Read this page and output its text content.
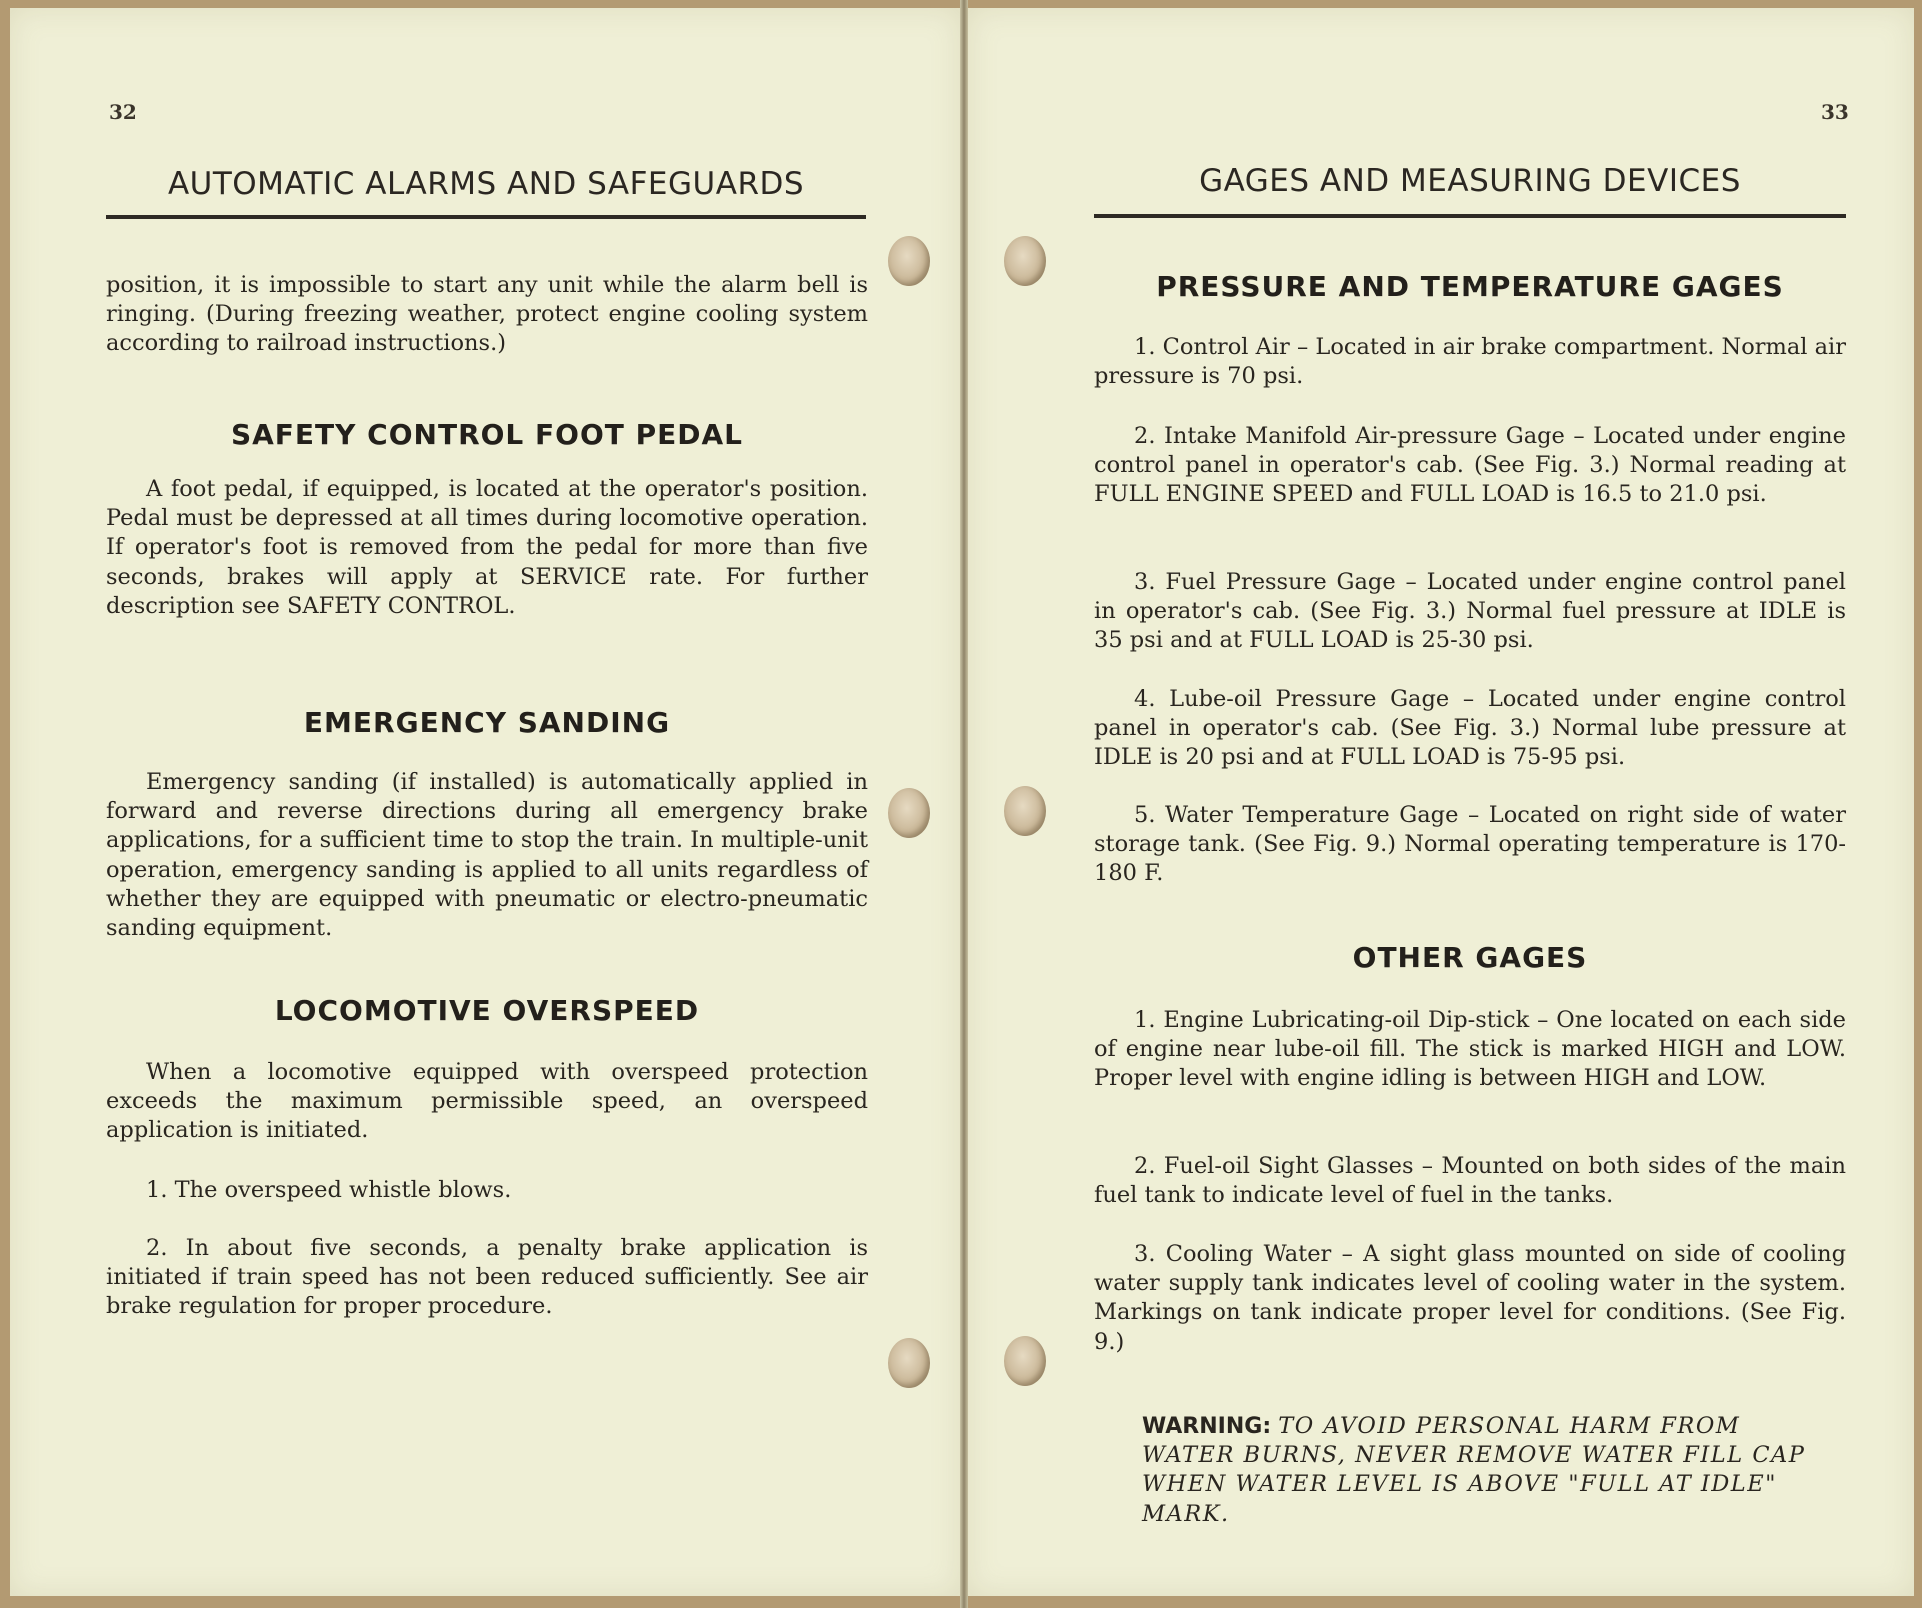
32
AUTOMATIC ALARMS AND SAFEGUARDS

position, it is impossible to start any unit while the alarm bell is ringing. (During freezing weather, protect engine cooling system according to railroad instructions.)

SAFETY CONTROL FOOT PEDAL

A foot pedal, if equipped, is located at the operator's position. Pedal must be depressed at all times during locomotive operation. If operator's foot is removed from the pedal for more than five seconds, brakes will apply at SERVICE rate. For further description see SAFETY CONTROL.

EMERGENCY SANDING

Emergency sanding (if installed) is automatically applied in forward and reverse directions during all emergency brake applications, for a sufficient time to stop the train. In multiple-unit operation, emergency sanding is applied to all units regardless of whether they are equipped with pneumatic or electro-pneumatic sanding equipment.

LOCOMOTIVE OVERSPEED

When a locomotive equipped with overspeed protection exceeds the maximum permissible speed, an overspeed application is initiated.

1. The overspeed whistle blows.

2. In about five seconds, a penalty brake application is initiated if train speed has not been reduced sufficiently. See air brake regulation for proper procedure.

33
GAGES AND MEASURING DEVICES
PRESSURE AND TEMPERATURE GAGES

1. Control Air – Located in air brake compartment. Normal air pressure is 70 psi.

2. Intake Manifold Air-pressure Gage – Located under engine control panel in operator's cab. (See Fig. 3.) Normal reading at FULL ENGINE SPEED and FULL LOAD is 16.5 to 21.0 psi.

3. Fuel Pressure Gage – Located under engine control panel in operator's cab. (See Fig. 3.) Normal fuel pressure at IDLE is 35 psi and at FULL LOAD is 25-30 psi.

4. Lube-oil Pressure Gage – Located under engine control panel in operator's cab. (See Fig. 3.) Normal lube pressure at IDLE is 20 psi and at FULL LOAD is 75-95 psi.

5. Water Temperature Gage – Located on right side of water storage tank. (See Fig. 9.) Normal operating temperature is 170-180 F.

OTHER GAGES

1. Engine Lubricating-oil Dip-stick – One located on each side of engine near lube-oil fill. The stick is marked HIGH and LOW. Proper level with engine idling is between HIGH and LOW.

2. Fuel-oil Sight Glasses – Mounted on both sides of the main fuel tank to indicate level of fuel in the tanks.

3. Cooling Water – A sight glass mounted on side of cooling water supply tank indicates level of cooling water in the system. Markings on tank indicate proper level for conditions. (See Fig. 9.)

WARNING: TO AVOID PERSONAL HARM FROM WATER BURNS, NEVER REMOVE WATER FILL CAP WHEN WATER LEVEL IS ABOVE "FULL AT IDLE" MARK.
